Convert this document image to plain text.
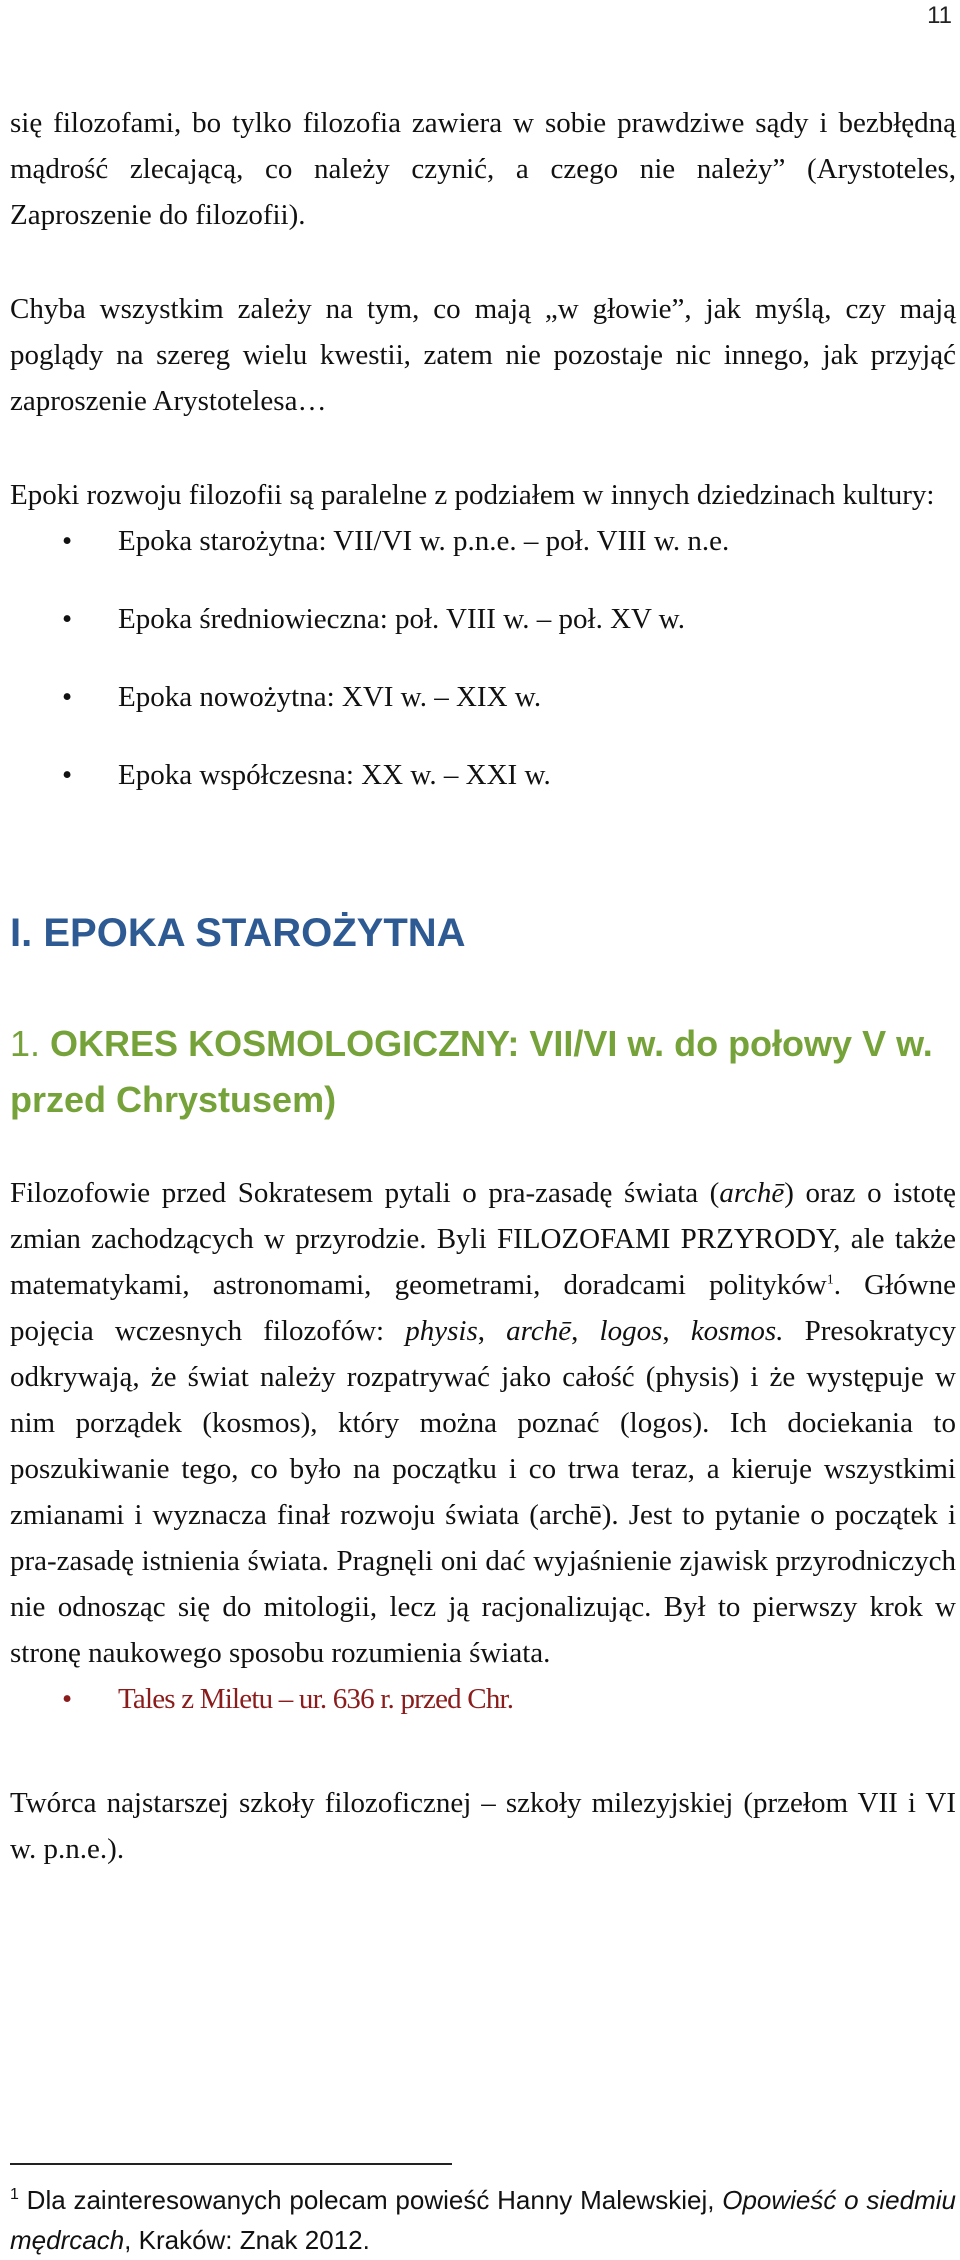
11

się filozofami, bo tylko filozofia zawiera w sobie prawdziwe sądy i bezbłędną mądrość zlecającą, co należy czynić, a czego nie należy” (Arystoteles, Zaproszenie do filozofii).

Chyba wszystkim zależy na tym, co mają „w głowie”, jak myślą, czy mają poglądy na szereg wielu kwestii, zatem nie pozostaje nic innego, jak przyjąć zaproszenie Arystotelesa…

Epoki rozwoju filozofii są paralelne z podziałem w innych dziedzinach kultury:

• Epoka starożytna: VII/VI w. p.n.e. – poł. VIII w. n.e.
• Epoka średniowieczna: poł. VIII w. – poł. XV w.
• Epoka nowożytna: XVI w. – XIX w.
• Epoka współczesna: XX w. – XXI w.
I. EPOKA STAROŻYTNA
1. OKRES KOSMOLOGICZNY: VII/VI w. do połowy V w. przed Chrystusem)

Filozofowie przed Sokratesem pytali o pra-zasadę świata (archē) oraz o istotę zmian zachodzących w przyrodzie. Byli FILOZOFAMI PRZYRODY, ale także matematykami, astronomami, geometrami, doradcami polityków$^1$. Główne pojęcia wczesnych filozofów: physis, archē, logos, kosmos. Presokratycy odkrywają, że świat należy rozpatrywać jako całość (physis) i że występuje w nim porządek (kosmos), który można poznać (logos). Ich dociekania to poszukiwanie tego, co było na początku i co trwa teraz, a kieruje wszystkimi zmianami i wyznacza finał rozwoju świata (archē). Jest to pytanie o początek i pra-zasadę istnienia świata. Pragnęli oni dać wyjaśnienie zjawisk przyrodniczych nie odnosząc się do mitologii, lecz ją racjonalizując. Był to pierwszy krok w stronę naukowego sposobu rozumienia świata.

• Tales z Miletu – ur. 636 r. przed Chr.

Twórca najstarszej szkoły filozoficznej – szkoły milezyjskiej (przełom VII i VI w. p.n.e.).

$^1$ Dla zainteresowanych polecam powieść Hanny Malewskiej, Opowieść o siedmiu mędrcach, Kraków: Znak 2012.
